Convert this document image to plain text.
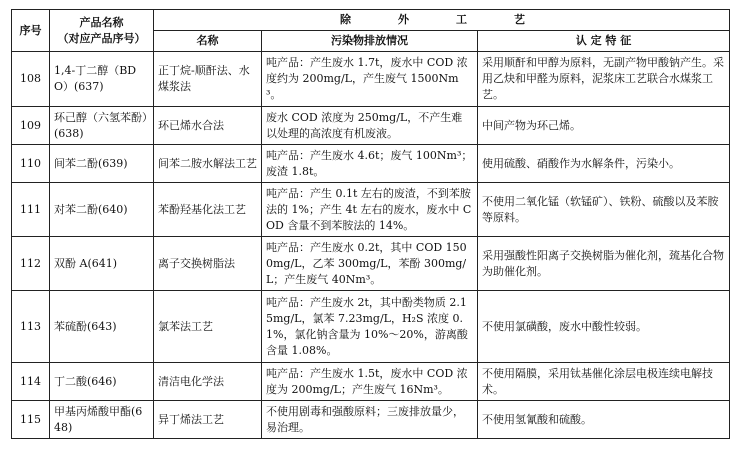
序号	产品名称
（对应产品序号）	除　外　工　艺		
		名称	污染物排放情况	认 定 特 征
108	1,4-丁二醇（BDO）(637)	正丁烷-顺酐法、水煤浆法	吨产品：产生废水 1.7t，废水中 COD 浓度约为 200mg/L，产生废气 1500Nm³。	采用顺酐和甲醇为原料，无副产物甲酸钠产生。采用乙炔和甲醛为原料，泥浆床工艺联合水煤浆工艺。
109	环己醇（六氢苯酚）(638)	环已烯水合法	废水 COD 浓度为 250mg/L，不产生难以处理的高浓度有机废液。	中间产物为环己烯。
110	间苯二酚(639)	间苯二胺水解法工艺	吨产品：产生废水 4.6t；废气 100Nm³；废渣 1.8t。	使用硫酸、硝酸作为水解条件，污染小。
111	对苯二酚(640)	苯酚羟基化法工艺	吨产品：产生 0.1t 左右的废渣，不到苯胺法的 1%；产生 4t 左右的废水，废水中 COD 含量不到苯胺法的 14%。	不使用二氧化锰（软锰矿）、铁粉、硫酸以及苯胺等原料。
112	双酚 A(641)	离子交换树脂法	吨产品：产生废水 0.2t，其中 COD 1500mg/L，乙苯 300mg/L，苯酚 300mg/L；产生废气 40Nm³。	采用强酸性阳离子交换树脂为催化剂，巯基化合物为助催化剂。
113	苯硫酚(643)	氯苯法工艺	吨产品：产生废水 2t，其中酚类物质 2.15mg/L，氯苯 7.23mg/L，H₂S 浓度 0.1%，氯化钠含量为 10%～20%，游离酸含量 1.08%。	不使用氯磺酸，废水中酸性较弱。
114	丁二酸(646)	清洁电化学法	吨产品：产生废水 1.5t，废水中 COD 浓度为 200mg/L；产生废气 16Nm³。	不使用隔膜，采用钛基催化涂层电极连续电解技术。
115	甲基丙烯酸甲酯(648)	异丁烯法工艺	不使用剧毒和强酸原料；三废排放量少，易治理。	不使用氢氰酸和硫酸。
